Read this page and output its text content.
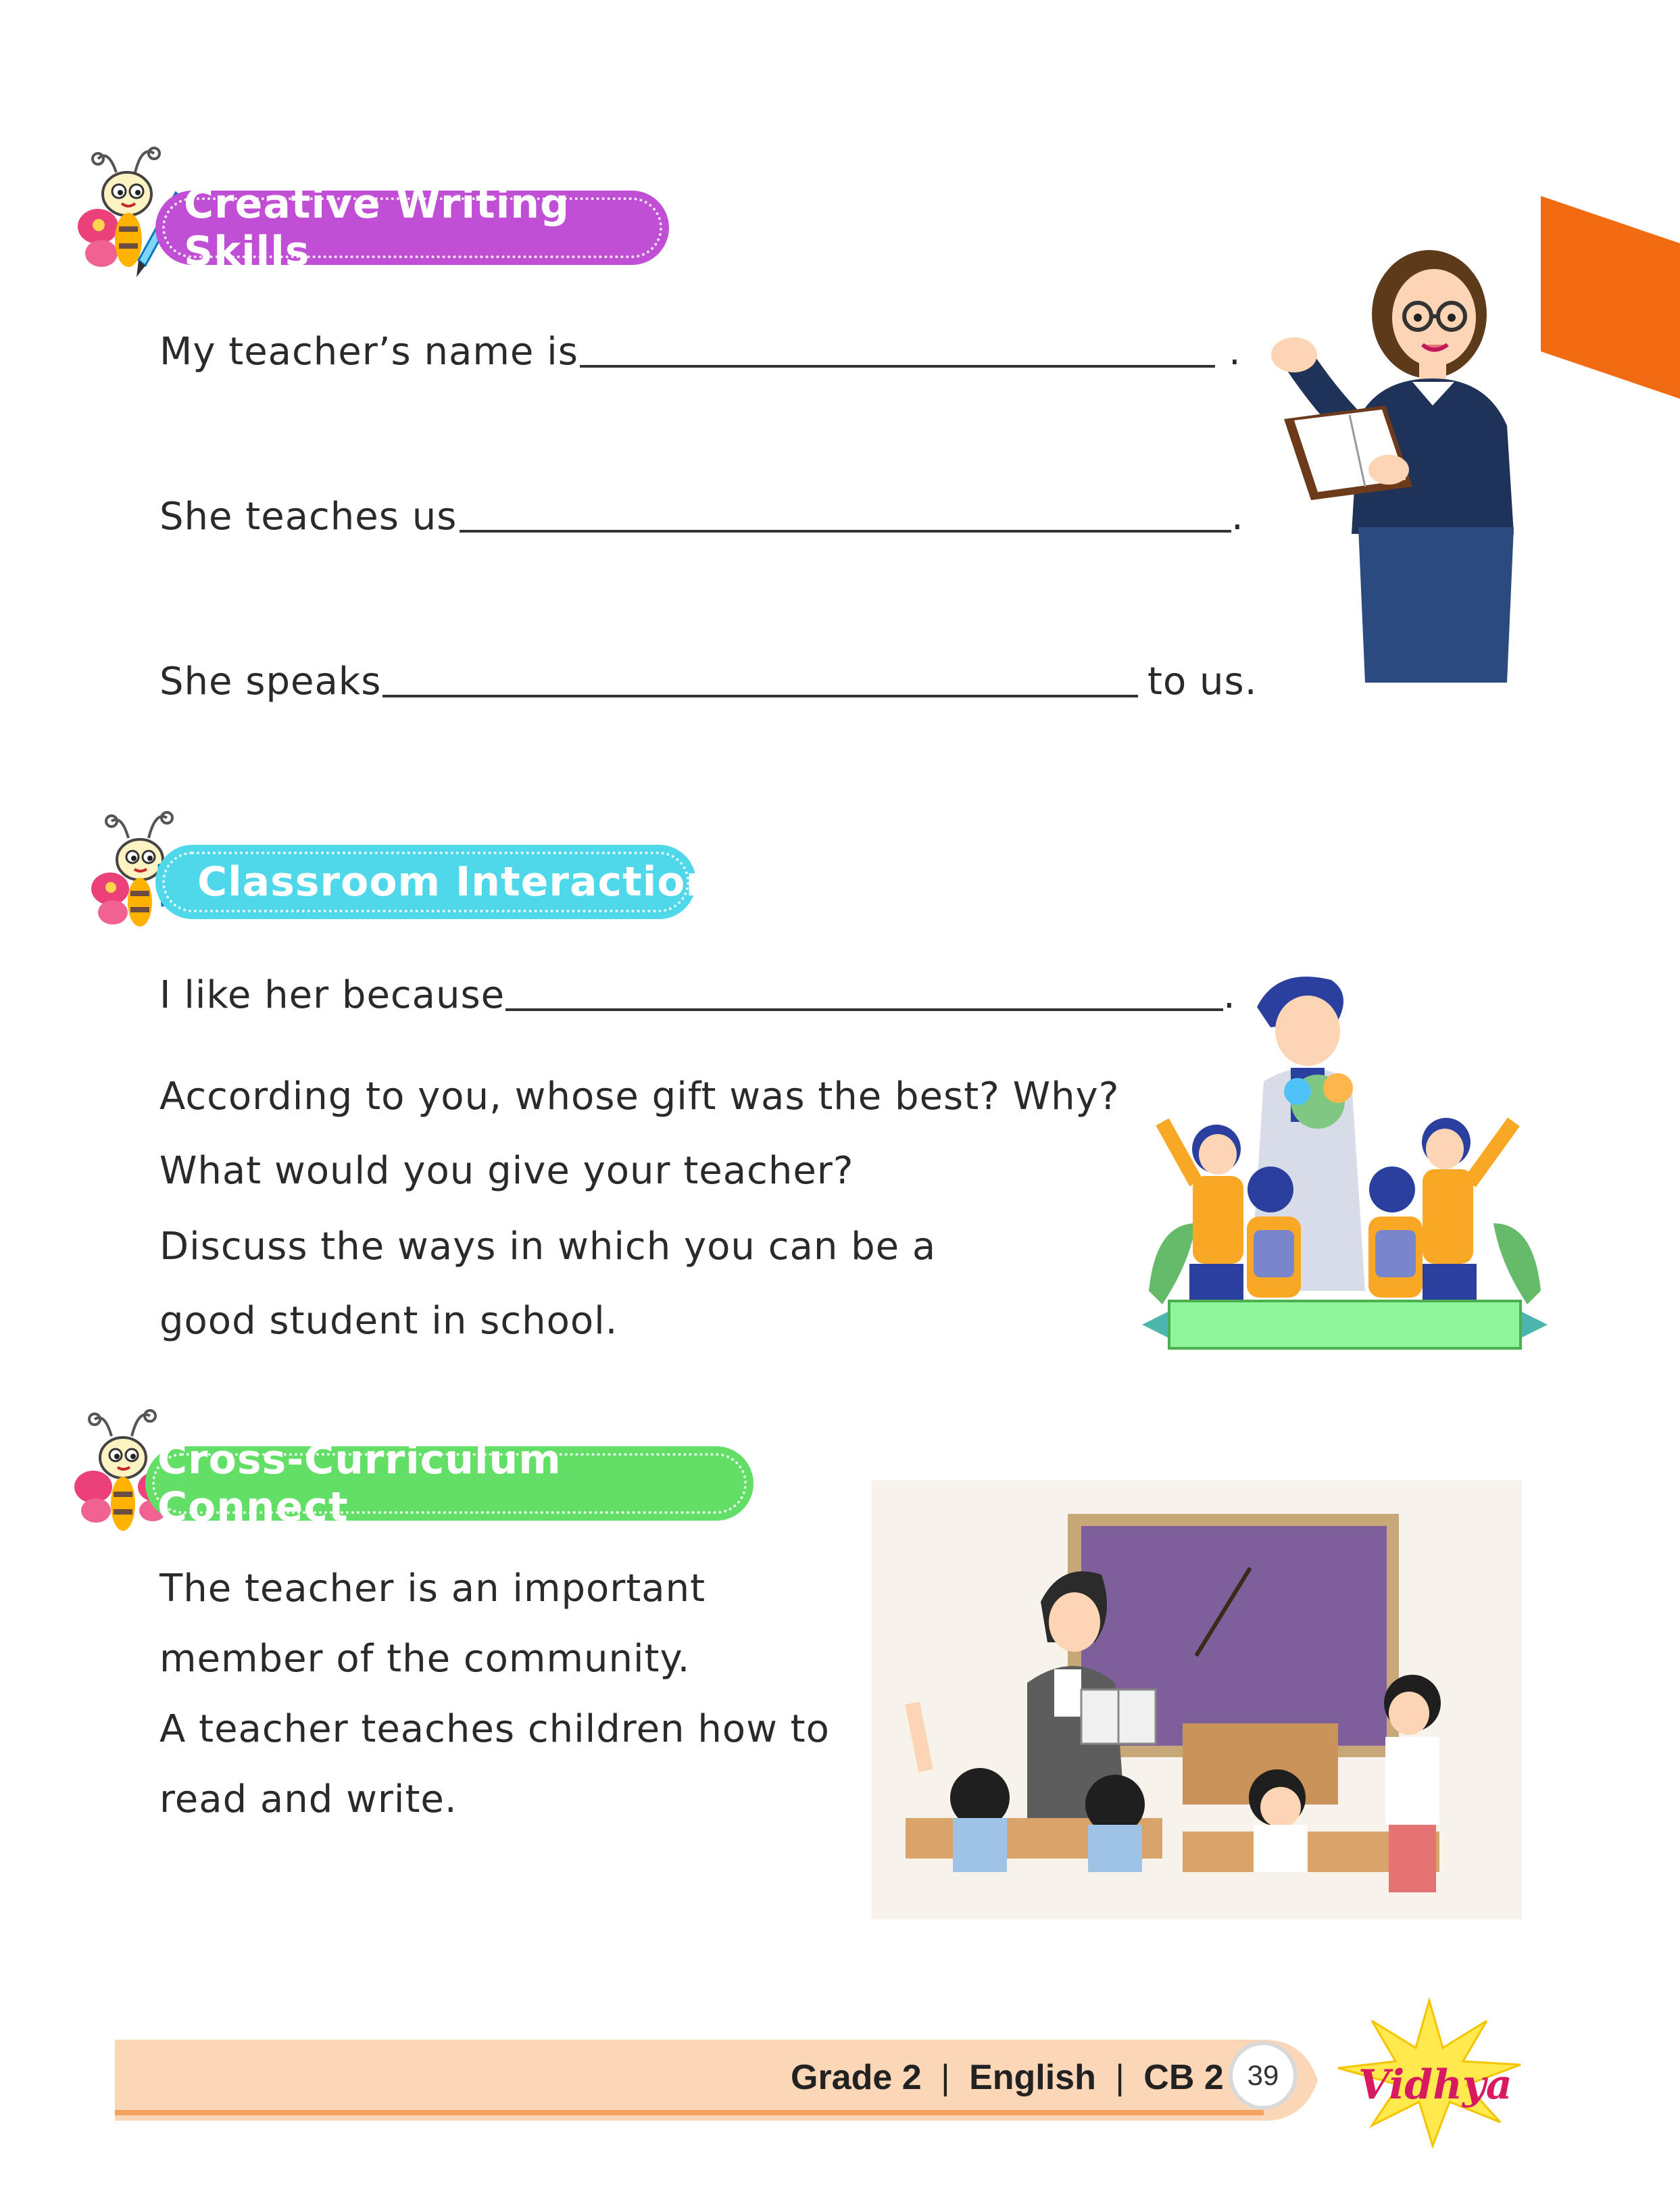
Creative Writing Skills
My teacher’s name is	.
She teaches us	.
She speaks	to us.
Classroom Interaction
I like her because	.
According to you, whose gift was the best? Why?
What would you give your teacher?
Discuss the ways in which you can be a
good student in school.
Cross-Curriculum Connect
The teacher is an important
member of the community.
A teacher teaches children how to
read and write.
Grade 2 | English | CB 2 39 Vidhya
